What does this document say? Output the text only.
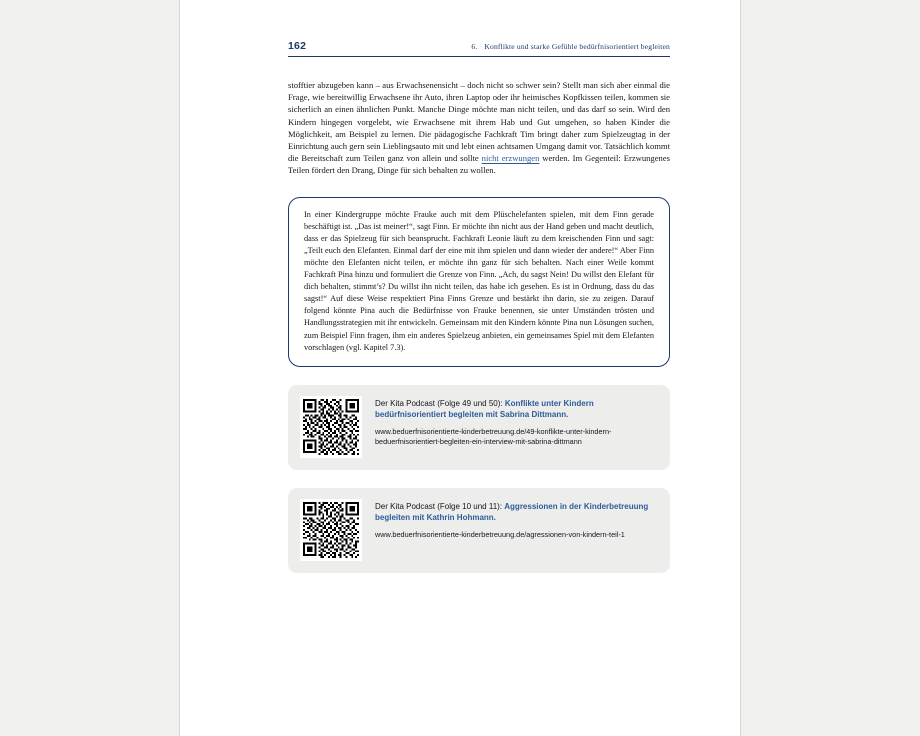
162	6. Konflikte und starke Gefühle bedürfnisorientiert begleiten
stofftier abzugeben kann – aus Erwachsenensicht – doch nicht so schwer sein? Stellt man sich aber einmal die Frage, wie bereitwillig Erwachsene ihr Auto, ihren Laptop oder ihr heimisches Kopfkissen teilen, kommen sie sicherlich an einen ähnlichen Punkt. Manche Dinge möchte man nicht teilen, und das darf so sein. Wird den Kindern hingegen vorgelebt, wie Erwachsene mit ihrem Hab und Gut umgehen, so haben Kinder die Möglichkeit, am Beispiel zu lernen. Die pädagogische Fachkraft Tim bringt daher zum Spielzeugtag in der Einrichtung auch gern sein Lieblingsauto mit und lebt einen achtsamen Umgang damit vor. Tatsächlich kommt die Bereitschaft zum Teilen ganz von allein und sollte nicht erzwungen werden. Im Gegenteil: Erzwungenes Teilen fördert den Drang, Dinge für sich behalten zu wollen.

In einer Kindergruppe möchte Frauke auch mit dem Plüschelefanten spielen, mit dem Finn gerade beschäftigt ist. „Das ist meiner!“, sagt Finn. Er möchte ihn nicht aus der Hand geben und macht deutlich, dass er das Spielzeug für sich beansprucht. Fachkraft Leonie läuft zu dem kreischenden Finn und sagt: „Teilt euch den Elefanten. Einmal darf der eine mit ihm spielen und dann wieder der andere!“ Aber Finn möchte den Elefanten nicht teilen, er möchte ihn ganz für sich behalten. Nach einer Weile kommt Fachkraft Pina hinzu und formuliert die Grenze von Finn. „Ach, du sagst Nein! Du willst den Elefant für dich behalten, stimmt’s? Du willst ihn nicht teilen, das habe ich gesehen. Es ist in Ordnung, dass du das sagst!“ Auf diese Weise respektiert Pina Finns Grenze und bestärkt ihn darin, sie zu zeigen. Darauf folgend könnte Pina auch die Bedürfnisse von Frauke benennen, sie unter Umständen trösten und Handlungsstrategien mit ihr entwickeln. Gemeinsam mit den Kindern könnte Pina nun Lösungen suchen, zum Beispiel Finn fragen, ihm ein anderes Spielzeug anbieten, ein gemeinsames Spiel mit dem Elefanten vorschlagen (vgl. Kapitel 7.3).

Der Kita Podcast (Folge 49 und 50): Konflikte unter Kindern bedürfnisorientiert begleiten mit Sabrina Dittmann.
www.beduerfnisorientierte-kinderbetreuung.de/49-konflikte-unter-kindern-beduerfnisorientiert-begleiten-ein-interview-mit-sabrina-dittmann
Der Kita Podcast (Folge 10 und 11): Aggressionen in der Kinderbetreuung begleiten mit Kathrin Hohmann.
www.beduerfnisorientierte-kinderbetreuung.de/agressionen-von-kindern-teil-1
